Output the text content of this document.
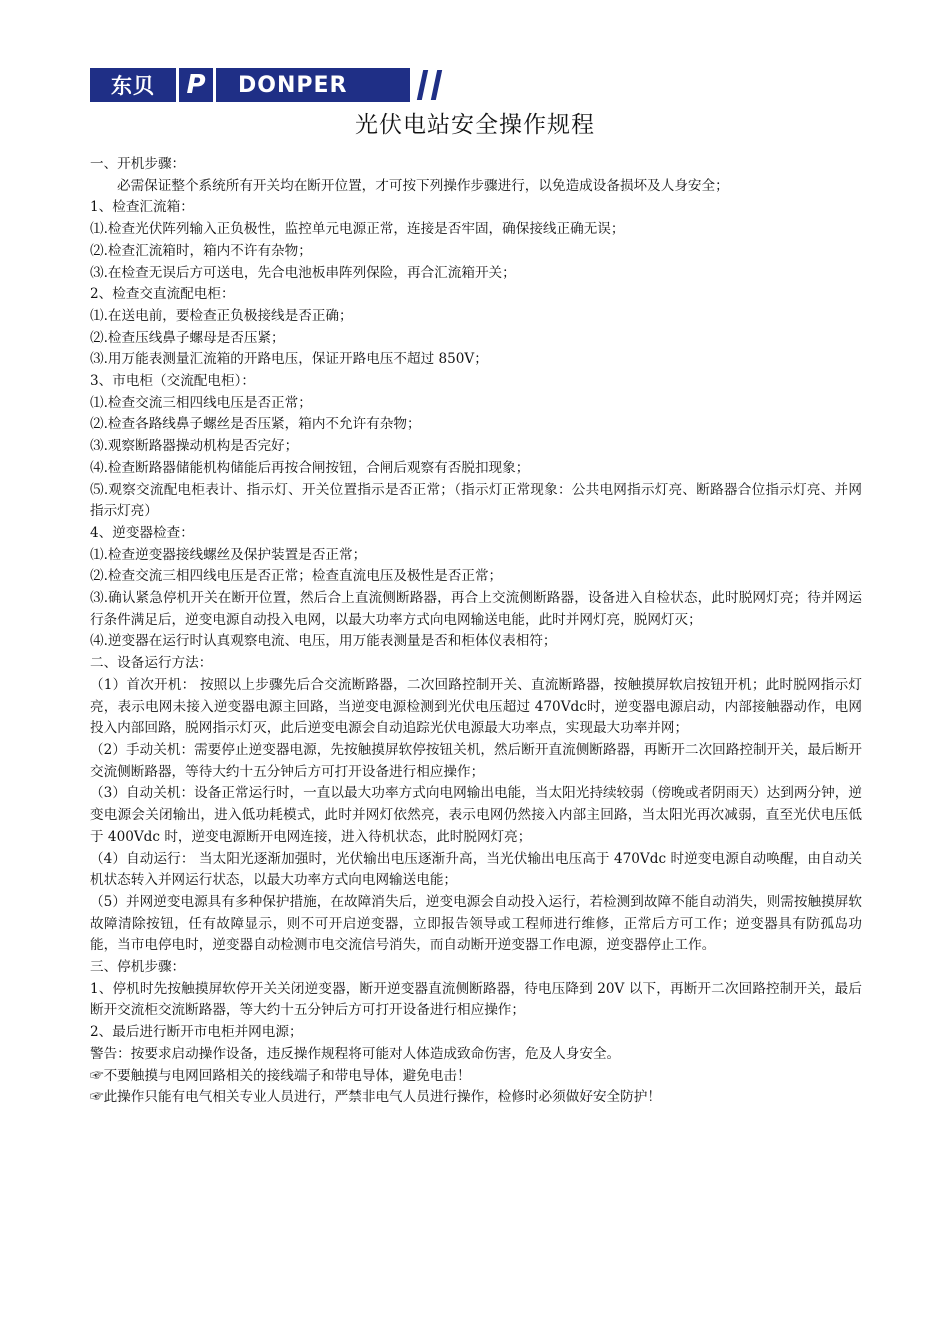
东贝	P	DONPER
光伏电站安全操作规程

一、开机步骤：

必需保证整个系统所有开关均在断开位置，才可按下列操作步骤进行，以免造成设备损坏及人身安全；

1、检查汇流箱：

⑴.检查光伏阵列输入正负极性，监控单元电源正常，连接是否牢固，确保接线正确无误；

⑵.检查汇流箱时，箱内不许有杂物；

⑶.在检查无误后方可送电，先合电池板串阵列保险，再合汇流箱开关；

2、检查交直流配电柜：

⑴.在送电前，要检查正负极接线是否正确；

⑵.检查压线鼻子螺母是否压紧；

⑶.用万能表测量汇流箱的开路电压，保证开路电压不超过 850V；

3、市电柜（交流配电柜）：

⑴.检查交流三相四线电压是否正常；

⑵.检查各路线鼻子螺丝是否压紧，箱内不允许有杂物；

⑶.观察断路器操动机构是否完好；

⑷.检查断路器储能机构储能后再按合闸按钮，合闸后观察有否脱扣现象；

⑸.观察交流配电柜表计、指示灯、开关位置指示是否正常；（指示灯正常现象：公共电网指示灯亮、断路器合位指示灯亮、并网指示灯亮）

4、逆变器检查：

⑴.检查逆变器接线螺丝及保护装置是否正常；

⑵.检查交流三相四线电压是否正常；检查直流电压及极性是否正常；

⑶.确认紧急停机开关在断开位置，然后合上直流侧断路器，再合上交流侧断路器，设备进入自检状态，此时脱网灯亮；待并网运行条件满足后，逆变电源自动投入电网，以最大功率方式向电网输送电能，此时并网灯亮，脱网灯灭；

⑷.逆变器在运行时认真观察电流、电压，用万能表测量是否和柜体仪表相符；

二、设备运行方法：

（1）首次开机： 按照以上步骤先后合交流断路器，二次回路控制开关、直流断路器，按触摸屏软启按钮开机；此时脱网指示灯亮，表示电网未接入逆变器电源主回路，当逆变电源检测到光伏电压超过 470Vdc时，逆变器电源启动，内部接触器动作，电网投入内部回路，脱网指示灯灭，此后逆变电源会自动追踪光伏电源最大功率点，实现最大功率并网；

（2）手动关机：需要停止逆变器电源，先按触摸屏软停按钮关机，然后断开直流侧断路器，再断开二次回路控制开关，最后断开交流侧断路器，等待大约十五分钟后方可打开设备进行相应操作；

（3）自动关机：设备正常运行时，一直以最大功率方式向电网输出电能，当太阳光持续较弱（傍晚或者阴雨天）达到两分钟，逆变电源会关闭输出，进入低功耗模式，此时并网灯依然亮，表示电网仍然接入内部主回路，当太阳光再次减弱，直至光伏电压低于 400Vdc 时，逆变电源断开电网连接，进入待机状态，此时脱网灯亮；

（4）自动运行： 当太阳光逐渐加强时，光伏输出电压逐渐升高，当光伏输出电压高于 470Vdc 时逆变电源自动唤醒，由自动关机状态转入并网运行状态，以最大功率方式向电网输送电能；

（5）并网逆变电源具有多种保护措施，在故障消失后，逆变电源会自动投入运行，若检测到故障不能自动消失，则需按触摸屏软故障清除按钮，任有故障显示，则不可开启逆变器，立即报告领导或工程师进行维修，正常后方可工作；逆变器具有防孤岛功能，当市电停电时，逆变器自动检测市电交流信号消失，而自动断开逆变器工作电源，逆变器停止工作。

三、停机步骤：

1、停机时先按触摸屏软停开关关闭逆变器，断开逆变器直流侧断路器，待电压降到 20V 以下，再断开二次回路控制开关，最后断开交流柜交流断路器，等大约十五分钟后方可打开设备进行相应操作；

2、最后进行断开市电柜并网电源；

警告：按要求启动操作设备，违反操作规程将可能对人体造成致命伤害，危及人身安全。

☞不要触摸与电网回路相关的接线端子和带电导体，避免电击！

☞此操作只能有电气相关专业人员进行，严禁非电气人员进行操作，检修时必须做好安全防护！
